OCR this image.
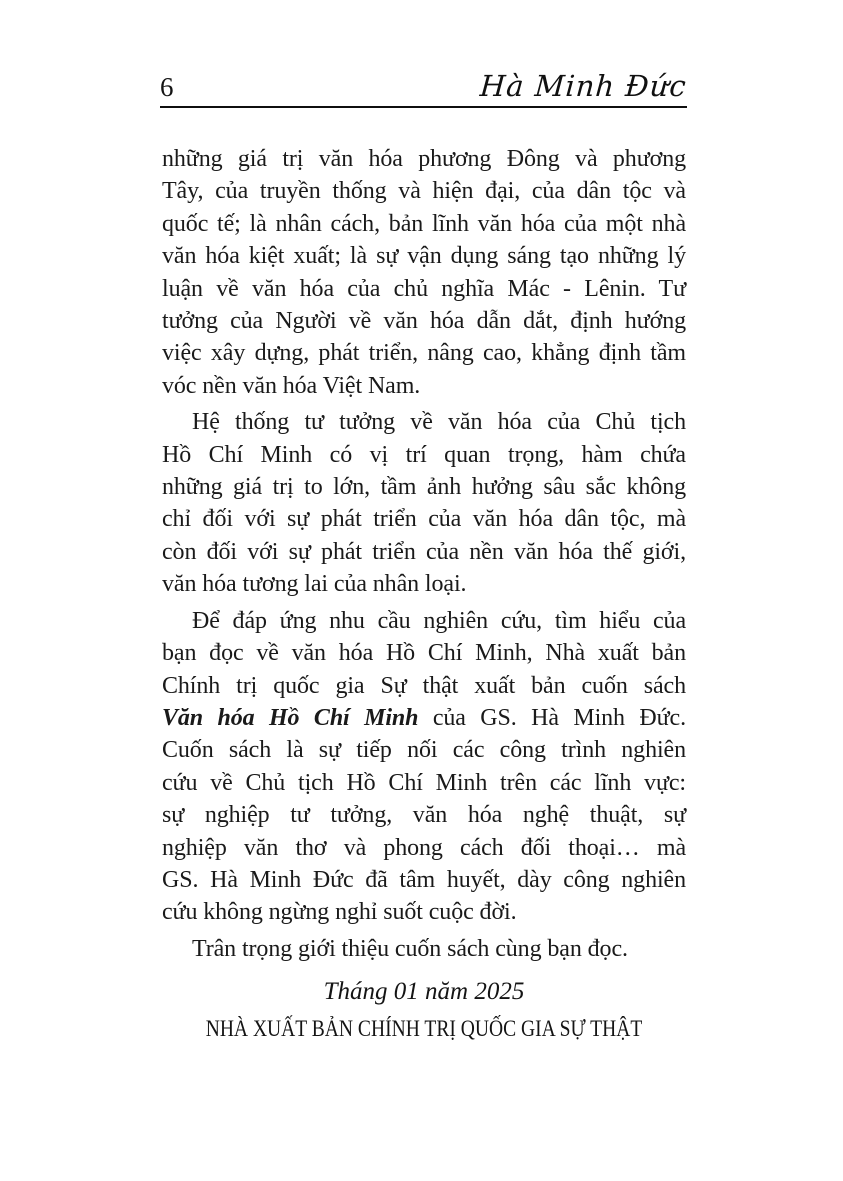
6	Hà Minh Đức
những giá trị văn hóa phương Đông và phương
Tây, của truyền thống và hiện đại, của dân tộc và
quốc tế; là nhân cách, bản lĩnh văn hóa của một nhà
văn hóa kiệt xuất; là sự vận dụng sáng tạo những lý
luận về văn hóa của chủ nghĩa Mác - Lênin. Tư
tưởng của Người về văn hóa dẫn dắt, định hướng
việc xây dựng, phát triển, nâng cao, khẳng định tầm
vóc nền văn hóa Việt Nam.
Hệ thống tư tưởng về văn hóa của Chủ tịch
Hồ Chí Minh có vị trí quan trọng, hàm chứa
những giá trị to lớn, tầm ảnh hưởng sâu sắc không
chỉ đối với sự phát triển của văn hóa dân tộc, mà
còn đối với sự phát triển của nền văn hóa thế giới,
văn hóa tương lai của nhân loại.
Để đáp ứng nhu cầu nghiên cứu, tìm hiểu của
bạn đọc về văn hóa Hồ Chí Minh, Nhà xuất bản
Chính trị quốc gia Sự thật xuất bản cuốn sách
Văn hóa Hồ Chí Minh của GS. Hà Minh Đức.
Cuốn sách là sự tiếp nối các công trình nghiên
cứu về Chủ tịch Hồ Chí Minh trên các lĩnh vực:
sự nghiệp tư tưởng, văn hóa nghệ thuật, sự
nghiệp văn thơ và phong cách đối thoại… mà
GS. Hà Minh Đức đã tâm huyết, dày công nghiên
cứu không ngừng nghỉ suốt cuộc đời.
Trân trọng giới thiệu cuốn sách cùng bạn đọc.
Tháng 01 năm 2025
NHÀ XUẤT BẢN CHÍNH TRỊ QUỐC GIA SỰ THẬT
